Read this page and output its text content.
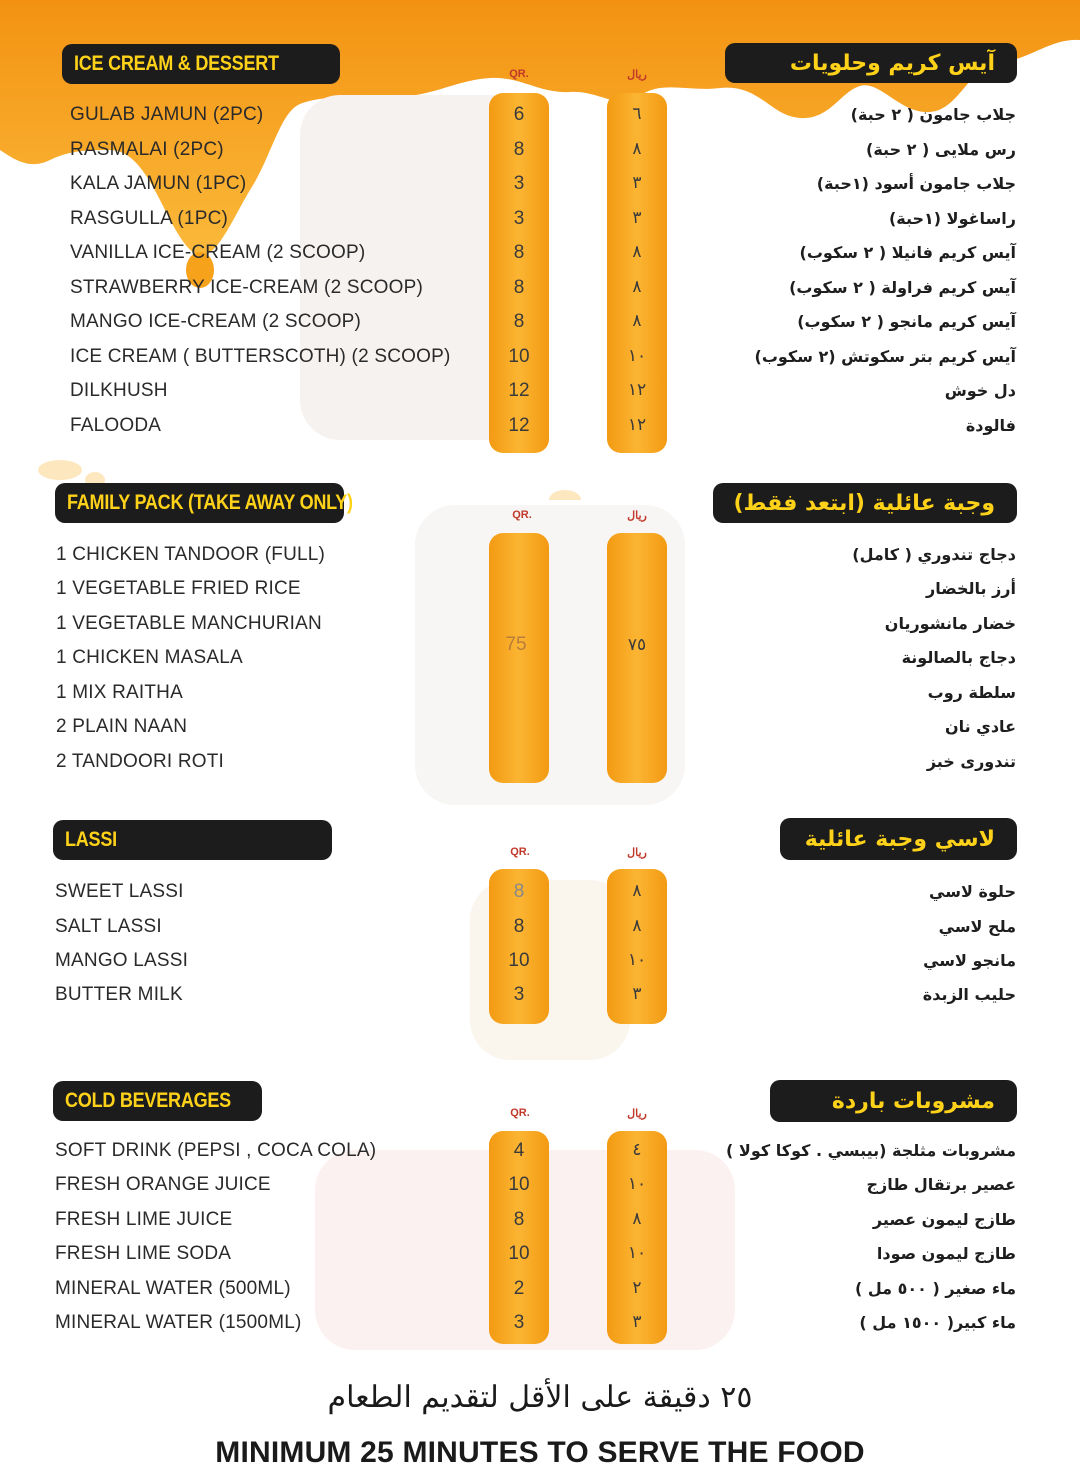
ICE CREAM & DESSERT	آيس كريم وحلويات
QR.	ريال
GULAB JAMUN (2PC)	6	٦	جلاب جامون ( ٢ حبة)
RASMALAI (2PC)	8	٨	رس ملايى ( ٢ حبة)
KALA JAMUN (1PC)	3	٣	جلاب جامون أسود (١حبة)
RASGULLA (1PC)	3	٣	راساغولا (١حبة)
VANILLA ICE-CREAM (2 SCOOP)	8	٨	آيس كريم فانيلا ( ٢ سكوب)
STRAWBERRY ICE-CREAM (2 SCOOP)	8	٨	آيس كريم فراولة ( ٢ سكوب)
MANGO ICE-CREAM (2 SCOOP)	8	٨	آيس كريم مانجو ( ٢ سكوب)
ICE CREAM ( BUTTERSCOTH) (2 SCOOP)	10	١٠	آيس كريم بتر سكوتش (٢ سكوب)
DILKHUSH	12	١٢	دل خوش
FALOODA	12	١٢	فالودة
FAMILY PACK (TAKE AWAY ONLY)	وجبة عائلية (ابتعد فقط)
QR.	ريال
75	٧٥
1 CHICKEN TANDOOR (FULL)	دجاج تندوري ( كامل)
1 VEGETABLE FRIED RICE	أرز بالخضار
1 VEGETABLE MANCHURIAN	خضار مانشوريان
1 CHICKEN MASALA	دجاج بالصالونة
1 MIX RAITHA	سلطة روب
2 PLAIN NAAN	عادي نان
2 TANDOORI ROTI	تندورى خبز
LASSI	لاسي وجبة عائلية
QR.	ريال
SWEET LASSI	8	٨	حلوة لاسي
SALT LASSI	8	٨	ملح لاسي
MANGO LASSI	10	١٠	مانجو لاسي
BUTTER MILK	3	٣	حليب الزبدة
COLD BEVERAGES	مشروبات باردة
QR.	ريال
SOFT DRINK (PEPSI , COCA COLA)	4	٤	مشروبات مثلجة (بيبسي . كوكا كولا )
FRESH ORANGE JUICE	10	١٠	عصير برتقال طازج
FRESH LIME JUICE	8	٨	طازج ليمون عصير
FRESH LIME SODA	10	١٠	طازج ليمون صودا
MINERAL WATER (500ML)	2	٢	ماء صغير ( ٥٠٠ مل )
MINERAL WATER (1500ML)	3	٣	ماء كبير( ١٥٠٠ مل )
٢٥ دقيقة على الأقل لتقديم الطعام
MINIMUM 25 MINUTES TO SERVE THE FOOD
